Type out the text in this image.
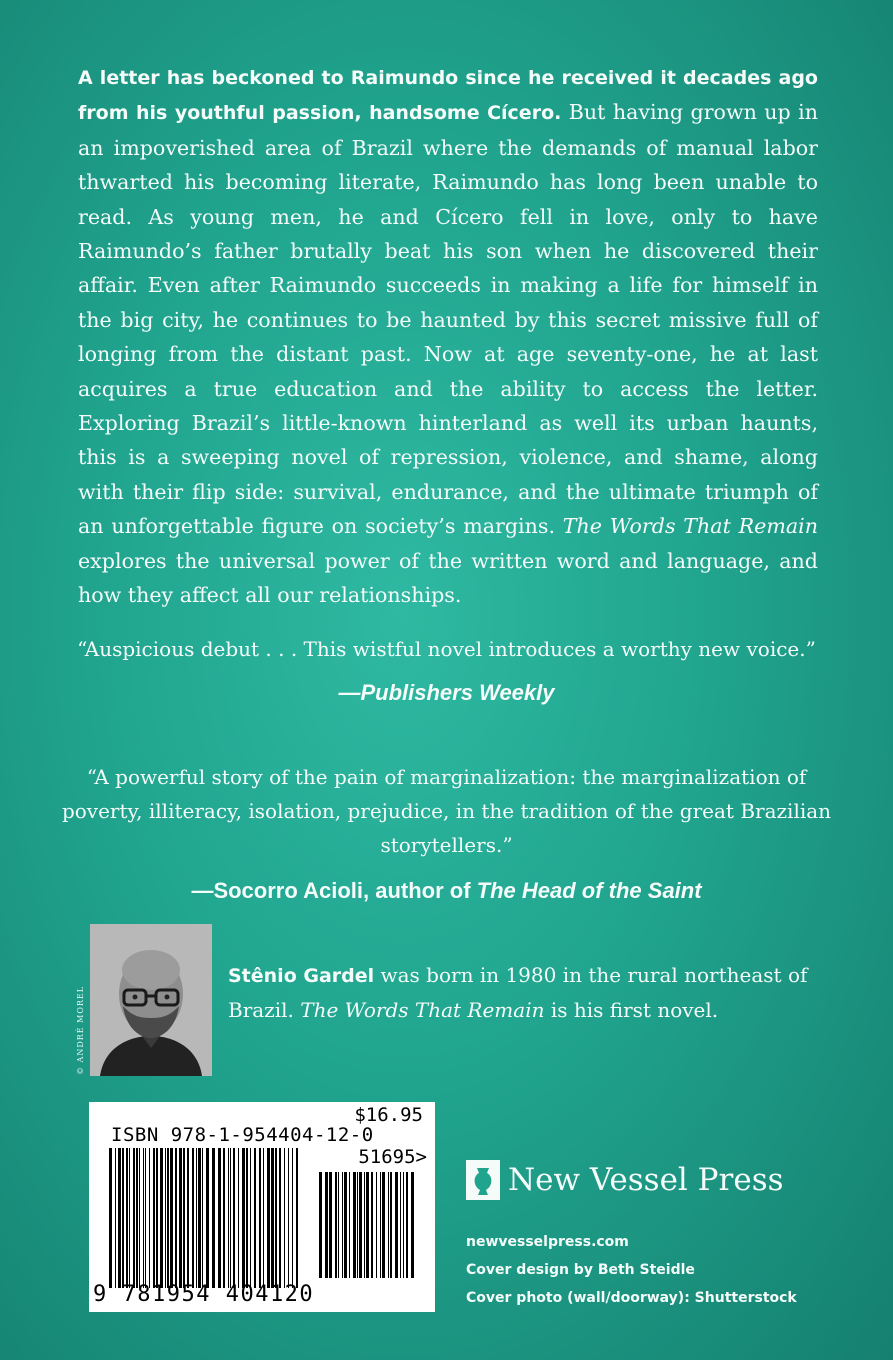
A letter has beckoned to Raimundo since he received it decades ago from his youthful passion, handsome Cícero. But having grown up in an impoverished area of Brazil where the demands of manual labor thwarted his becoming literate, Raimundo has long been unable to read. As young men, he and Cícero fell in love, only to have Raimundo’s father brutally beat his son when he discovered their affair. Even after Raimundo succeeds in making a life for himself in the big city, he continues to be haunted by this secret missive full of longing from the distant past. Now at age seventy-one, he at last acquires a true education and the ability to access the letter. Exploring Brazil’s little-known hinterland as well its urban haunts, this is a sweeping novel of repression, violence, and shame, along with their flip side: survival, endurance, and the ultimate triumph of an unforgettable figure on society’s margins. The Words That Remain explores the universal power of the written word and language, and how they affect all our relationships.

“Auspicious debut . . . This wistful novel introduces a worthy new voice.”

—Publishers Weekly

“A powerful story of the pain of marginalization: the marginalization of poverty, illiteracy, isolation, prejudice, in the tradition of the great Brazilian storytellers.”

—Socorro Acioli, author of The Head of the Saint

© ANDRÉ MOREL

Stênio Gardel was born in 1980 in the rural northeast of Brazil. The Words That Remain is his first novel.

$16.95
ISBN 978-1-954404-12-0
51695>
9 781954 404120
New Vessel Press
newvesselpress.com
Cover design by Beth Steidle
Cover photo (wall/doorway): Shutterstock
